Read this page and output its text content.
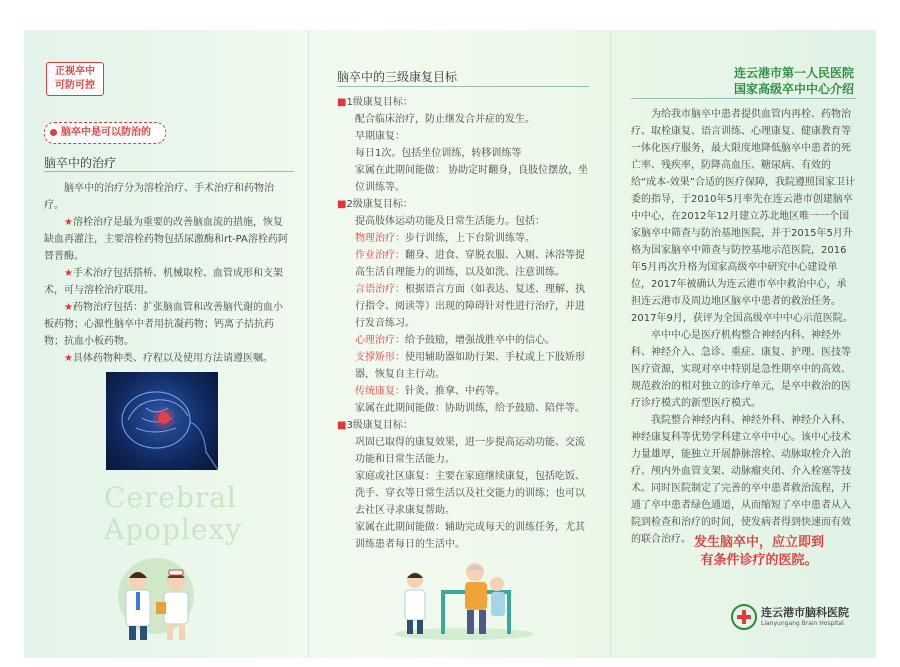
正视卒中
可防可控
脑卒中是可以防治的
脑卒中的治疗

脑卒中的治疗分为溶栓治疗、手术治疗和药物治疗。

★溶栓治疗是最为重要的改善脑血流的措施，恢复缺血再灌注，主要溶栓药物包括尿激酶和rt-PA溶栓药阿替普酶。

★手术治疗包括搭桥、机械取栓、血管成形和支架术，可与溶栓治疗联用。

★药物治疗包括：扩张脑血管和改善脑代谢的血小板药物；心源性脑卒中者用抗凝药物；钙离子拮抗药物；抗血小板药物。

★具体药物种类、疗程以及使用方法请遵医嘱。

Cerebral
Apoplexy
脑卒中的三级康复目标
■1级康复目标：
配合临床治疗，防止继发合并症的发生。
早期康复：
每日1次。包括坐位训练，转移训练等
家属在此期间能做： 协助定时翻身，良肢位摆放，坐位训练等。
■2级康复目标：
提高肢体运动功能及日常生活能力。包括：
物理治疗：步行训练，上下台阶训练等。
作业治疗：翻身、进食、穿脱衣服、入厕、沐浴等提高生活自理能力的训练，以及如洗、注意训练。
言语治疗：根据语言方面（如表达、复述、理解、执行指令、阅读等）出现的障碍针对性进行治疗，并进行发音练习。
心理治疗：给予鼓励，增强战胜卒中的信心。
支撑矫形：使用辅助器如助行架、手杖或上下肢矫形器，恢复自主行动。
传统康复：针灸、推拿、中药等。
家属在此期间能做：协助训练，给予鼓励、陪伴等。
■3级康复目标：
巩固已取得的康复效果，进一步提高运动功能、交流功能和日常生活能力。
家庭或社区康复：主要在家庭继续康复，包括吃饭、洗手、穿衣等日常生活以及社交能力的训练；也可以去社区寻求康复帮助。
家属在此期间能做：辅助完成每天的训练任务，尤其训练患者每日的生活中。
连云港市第一人民医院
国家高级卒中中心介绍

为给我市脑卒中患者提供血管内再栓、药物治疗、取栓康复、语言训练、心理康复、健康教育等一体化医疗服务，最大限度地降低脑卒中患者的死亡率、残疾率，防降高血压、糖尿病、有效的给“成本-效果”合适的医疗保障，我院遵照国家卫计委的指导，于2010年5月率先在连云港市创建脑卒中中心，在2012年12月建立苏北地区唯一一个国家脑卒中筛查与防治基地医院，并于2015年5月升格为国家脑卒中筛查与防控基地示范医院，2016年5月再次升格为国家高级卒中研究中心建设单位，2017年被确认为连云港市卒中救治中心，承担连云港市及周边地区脑卒中患者的救治任务。2017年9月，获评为全国高级卒中中心示范医院。

卒中中心是医疗机构整合神经内科、神经外科、神经介入、急诊、重症、康复、护理、医技等医疗资源，实现对卒中特别是急性期卒中的高效、规范救治的相对独立的诊疗单元，是卒中救治的医疗诊疗模式的新型医疗模式。

我院整合神经内科、神经外科、神经介入科、神经康复科等优势学科建立卒中中心。该中心技术力量雄厚，能独立开展静脉溶栓、动脉取栓介入治疗、颅内外血管支架、动脉瘤夹闭、介入栓塞等技术。同时医院制定了完善的卒中患者救治流程，开通了卒中患者绿色通道，从而缩短了卒中患者从入院到检查和治疗的时间，使发病者得到快速而有效的联合治疗。 发生脑卒中，应立即到
有条件诊疗的医院。
连云港市脑科医院
Lianyungang Brain Hospital
